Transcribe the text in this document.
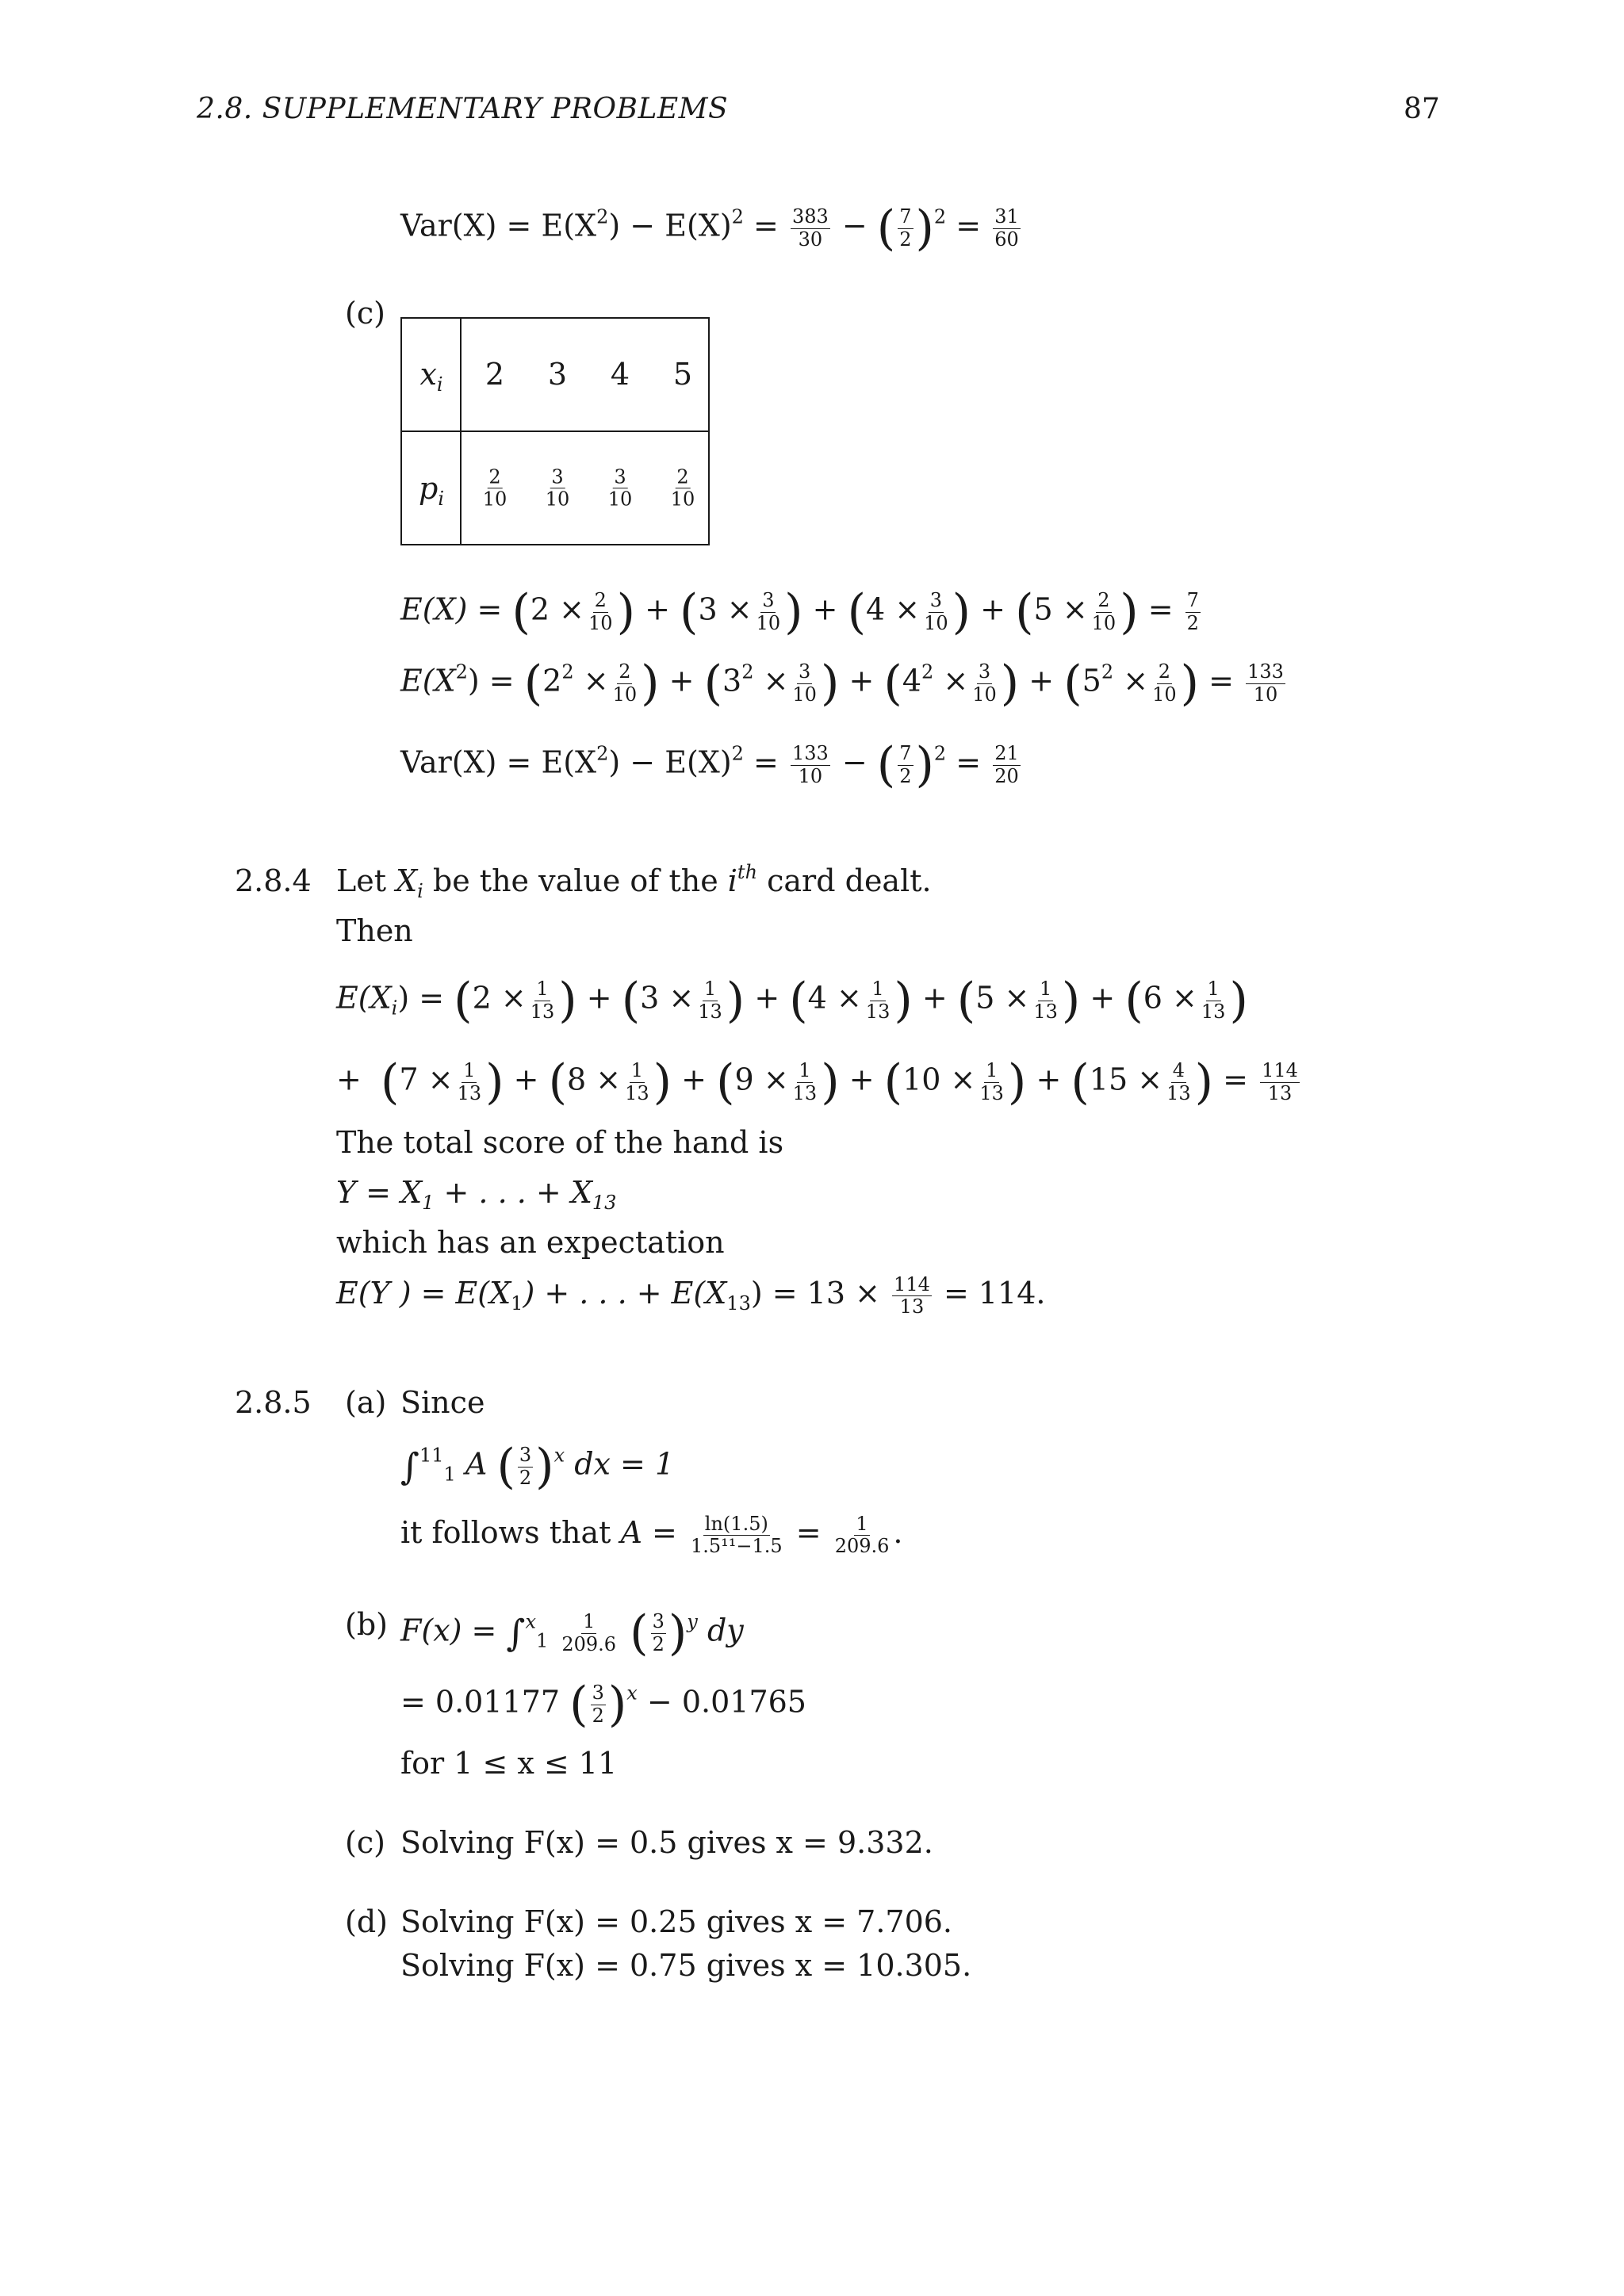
2.8. SUPPLEMENTARY PROBLEMS	87
$Var(X) = E(X^2) - E(X)^2 = \frac{383}{30}$ − ( $\frac{7}{2} )^2 = \frac{31}{60}$
(c)
$x_i$ 2 3 4 5
$p_i \frac{2}{10} \frac{3}{10} \frac{3}{10} \frac{2}{10}$
$E(X) = (2 \times \frac{2}{10}$ ) + ($3 \times \frac{3}{10}$ ) + ($4 \times \frac{3}{10}$ ) + ($5 \times \frac{2}{10}$ ) = $\frac{7}{2}$
$E(X^2) = (2^2 \times \frac{2}{10}$ ) + ($3^2 \times \frac{3}{10}$ ) + ($4^2 \times \frac{3}{10}$ ) + ($5^2 \times \frac{2}{10}$ ) = $\frac{133}{10}$
$Var(X) = E(X^2) - E(X)^2 = \frac{133}{10}$ − ( $\frac{7}{2} )^2 = \frac{21}{20}$
2.8.4 Let $X_i$ be the value of the $i^{th}$ card dealt.
Then
$E(X_i) = (2 \times \frac{1}{13}$ ) + ($3 \times \frac{1}{13}$ ) + ($4 \times \frac{1}{13}$ ) + ($5 \times \frac{1}{13}$ ) + ($6 \times \frac{1}{13}$ )
+ ($7 \times \frac{1}{13}$ ) + ($8 \times \frac{1}{13}$ ) + ($9 \times \frac{1}{13}$ ) + ($10 \times \frac{1}{13}$ ) + ($15 \times \frac{4}{13}$ ) = $\frac{114}{13}$
The total score of the hand is
$Y = X_1$ + . . . + $X_{13}$
which has an expectation
E(Y ) = $E(X_1)$ + . . . + $E(X_{13}) = 13 \times \frac{114}{13} = 114$.
2.8.5 (a) Since
∫$^{11}_1$ A ( $\frac{3}{2} )^x$ dx = 1
it follows that $A = \frac{\ln(1.5)}{\text{1.5¹¹−1.5}} = \frac{1}{209.6}$ .
(b) $F(x) = \int^x_1 \frac{1}{209.6}$ ( $\frac{3}{2} )^y$ dy
= 0.01177 ( $\frac{3}{2} )^x - 0.01765$
for 1 ≤ x ≤ 11
(c) Solving F(x) = 0.5 gives x = 9.332.
(d) Solving F(x) = 0.25 gives x = 7.706.
Solving F(x) = 0.75 gives x = 10.305.
